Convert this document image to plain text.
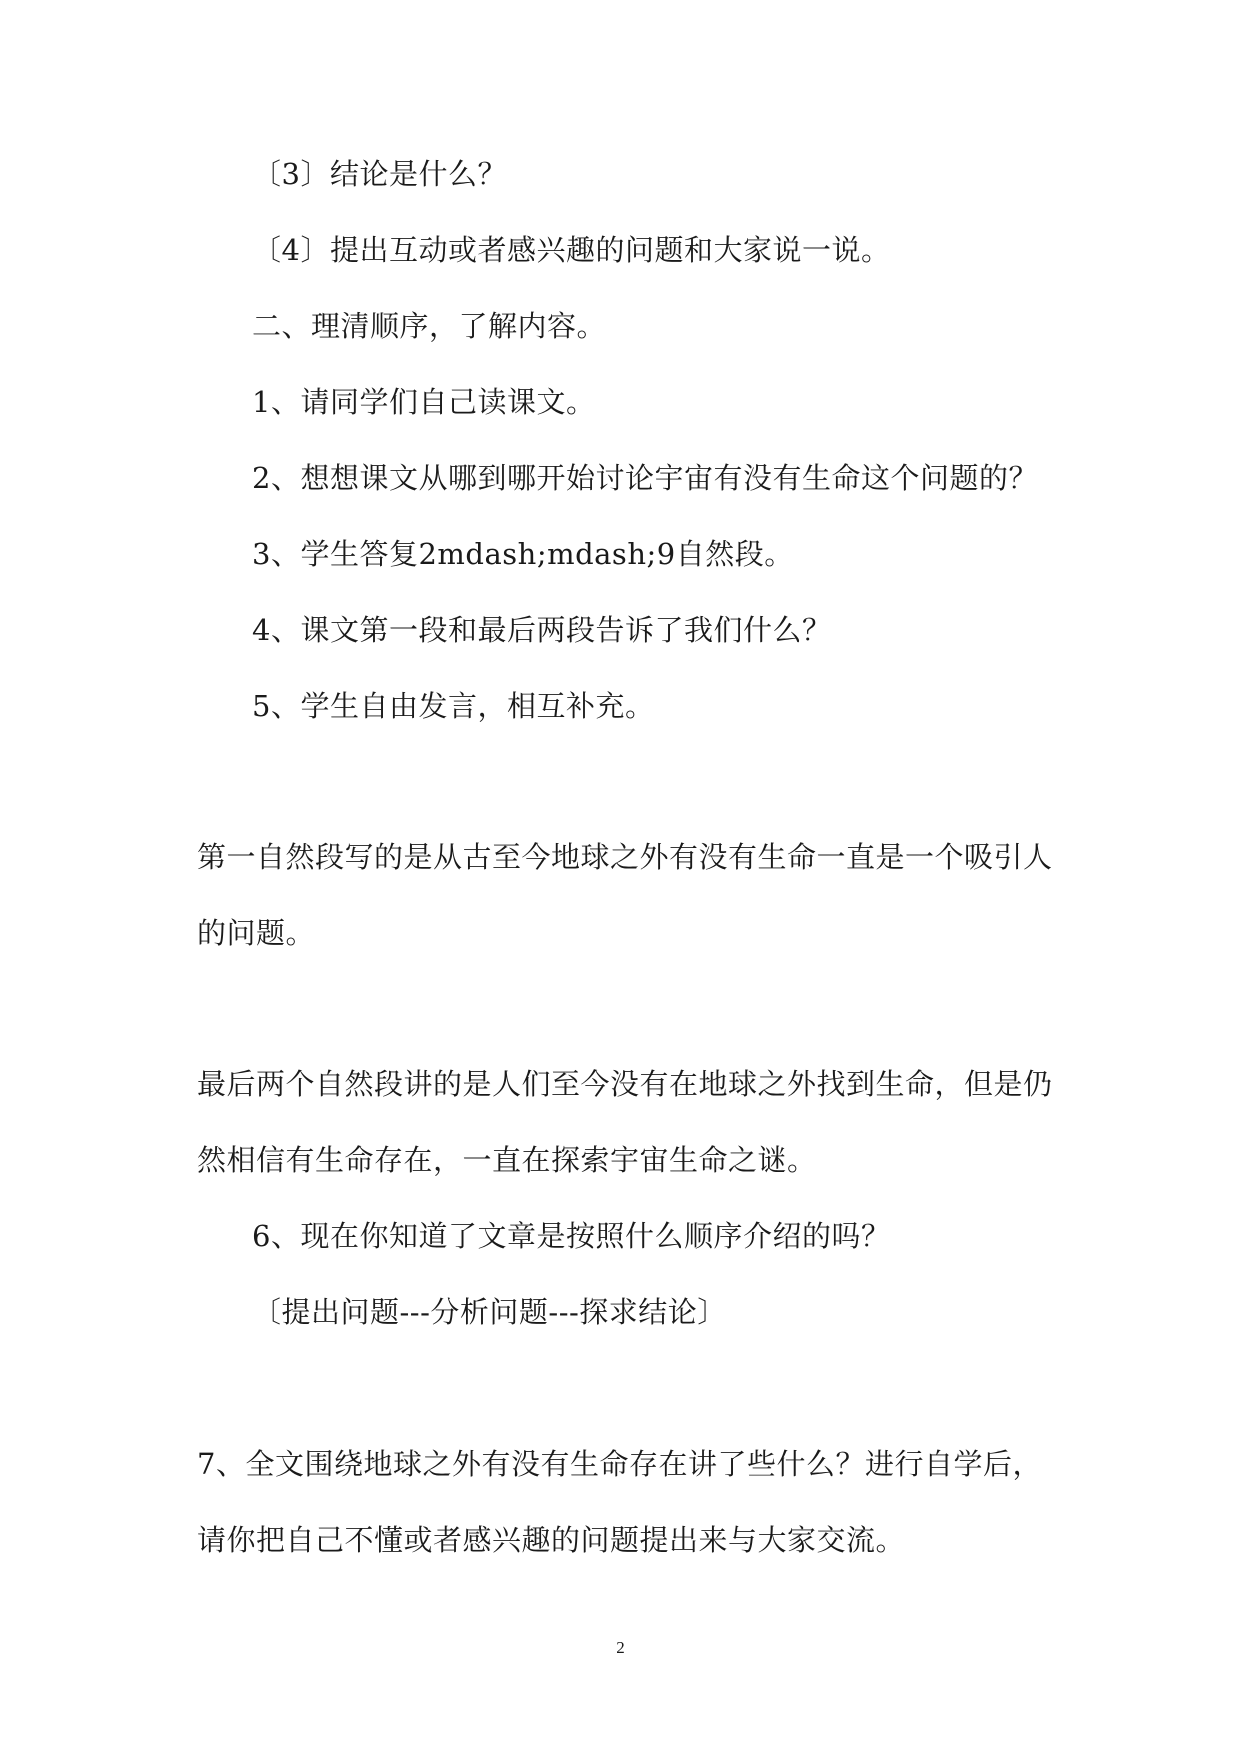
〔3〕结论是什么？
〔4〕提出互动或者感兴趣的问题和大家说一说。
二、理清顺序，了解内容。
1、请同学们自己读课文。
2、想想课文从哪到哪开始讨论宇宙有没有生命这个问题的？
3、学生答复2mdash;mdash;9自然段。
4、课文第一段和最后两段告诉了我们什么？
5、学生自由发言，相互补充。
第一自然段写的是从古至今地球之外有没有生命一直是一个吸引人
的问题。
最后两个自然段讲的是人们至今没有在地球之外找到生命，但是仍
然相信有生命存在，一直在探索宇宙生命之谜。
6、现在你知道了文章是按照什么顺序介绍的吗？
〔提出问题---分析问题---探求结论〕
7、全文围绕地球之外有没有生命存在讲了些什么？进行自学后，
请你把自己不懂或者感兴趣的问题提出来与大家交流。
2
